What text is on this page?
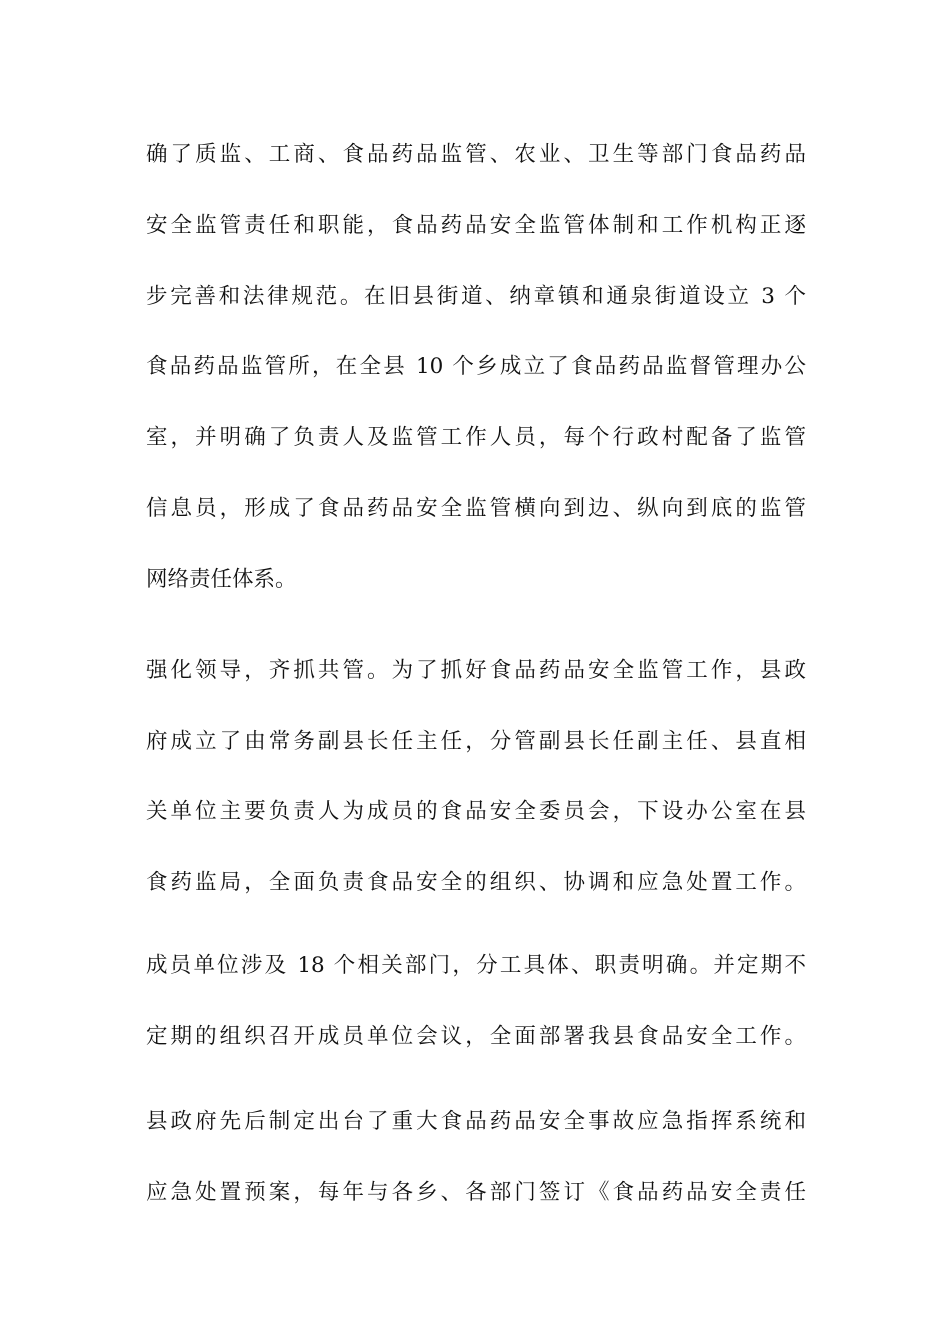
确了质监、工商、食品药品监管、农业、卫生等部门食品药品
安全监管责任和职能，食品药品安全监管体制和工作机构正逐
步完善和法律规范。在旧县街道、纳章镇和通泉街道设立 3 个
食品药品监管所，在全县 10 个乡成立了食品药品监督管理办公
室，并明确了负责人及监管工作人员，每个行政村配备了监管
信息员，形成了食品药品安全监管横向到边、纵向到底的监管
网络责任体系。
强化领导，齐抓共管。为了抓好食品药品安全监管工作，县政
府成立了由常务副县长任主任，分管副县长任副主任、县直相
关单位主要负责人为成员的食品安全委员会，下设办公室在县
食药监局，全面负责食品安全的组织、协调和应急处置工作。
成员单位涉及 18 个相关部门，分工具体、职责明确。并定期不
定期的组织召开成员单位会议，全面部署我县食品安全工作。
县政府先后制定出台了重大食品药品安全事故应急指挥系统和
应急处置预案，每年与各乡、各部门签订《食品药品安全责任
